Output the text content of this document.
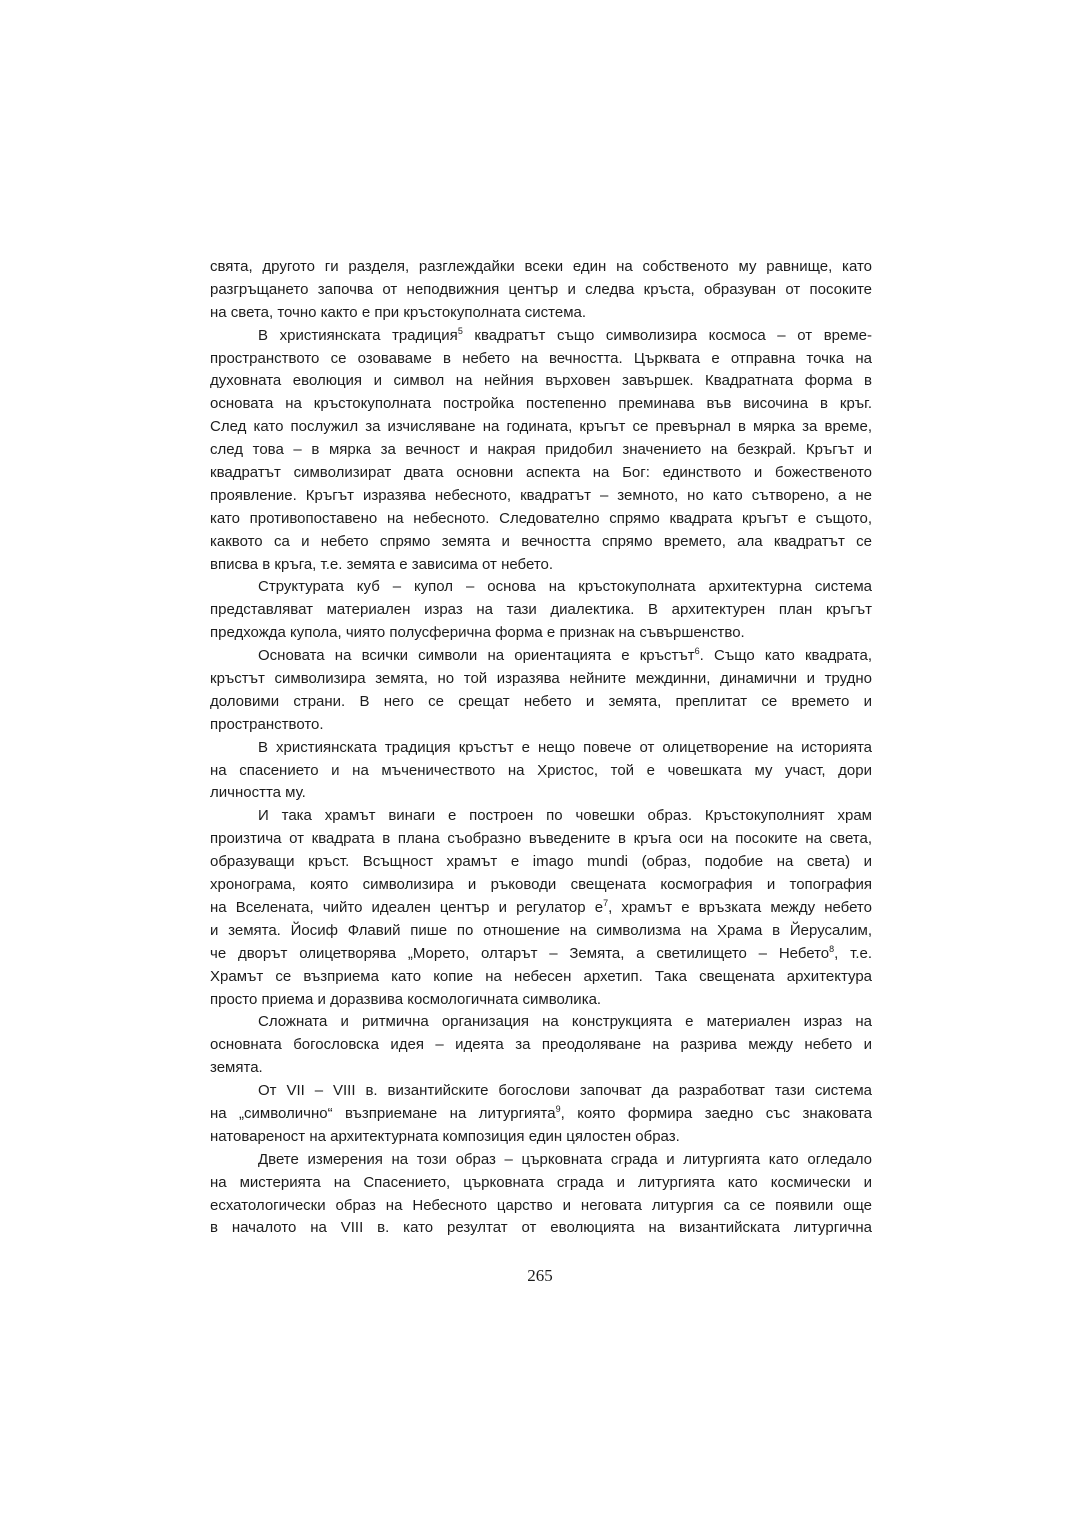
свята, другото ги разделя, разглеждайки всеки един на собственото му равнище, като
разгръщането започва от неподвижния център и следва кръста, образуван от посоките
на света, точно както е при кръстокуполната система.
В християнската традиция$^5$ квадратът също символизира космоса – от време-
пространството се озоваваме в небето на вечността. Църквата е отправна точка на
духовната еволюция и символ на нейния върховен завършек. Квадратната форма в
основата на кръстокуполната постройка постепенно преминава във височина в кръг.
След като послужил за изчисляване на годината, кръгът се превърнал в мярка за време,
след това – в мярка за вечност и накрая придобил значението на безкрай. Кръгът и
квадратът символизират двата основни аспекта на Бог: единството и божественото
проявление. Кръгът изразява небесното, квадратът – земното, но като сътворено, а не
като противопоставено на небесното. Следователно спрямо квадрата кръгът е същото,
каквото са и небето спрямо земята и вечността спрямо времето, ала квадратът се
вписва в кръга, т.е. земята е зависима от небето.
Структурата куб – купол – основа на кръстокуполната архитектурна система
представляват материален израз на тази диалектика. В архитектурен план кръгът
предхожда купола, чиято полусферична форма е признак на съвършенство.
Основата на всички символи на ориентацията е кръстът$^6$. Също като квадрата,
кръстът символизира земята, но той изразява нейните междинни, динамични и трудно
доловими страни. В него се срещат небето и земята, преплитат се времето и
пространството.
В християнската традиция кръстът е нещо повече от олицетворение на историята
на спасението и на мъченичеството на Христос, той е човешката му участ, дори
личността му.
И така храмът винаги е построен по човешки образ. Кръстокуполният храм
произтича от квадрата в плана съобразно въведените в кръга оси на посоките на света,
образуващи кръст. Всъщност храмът е imago mundi (образ, подобие на света) и
хронограма, която символизира и ръководи свещената космография и топография
на Вселената, чийто идеален център и регулатор $е^7$, храмът е връзката между небето
и земята. Йосиф Флавий пише по отношение на символизма на Храма в Йерусалим,
че дворът олицетворява „Морето, олтарът – Земята, а светилището – Небето$^8$, т.е.
Храмът се възприема като копие на небесен архетип. Така свещената архитектура
просто приема и доразвива космологичната символика.
Сложната и ритмична организация на конструкцията е материален израз на
основната богословска идея – идеята за преодоляване на разрива между небето и
земята.
От VII – VIII в. византийските богослови започват да разработват тази система
на „символично“ възприемане на литургията$^9$, която формира заедно със знаковата
натовареност на архитектурната композиция един цялостен образ.
Двете измерения на този образ – църковната сграда и литургията като огледало
на мистерията на Спасението, църковната сграда и литургията като космически и
есхатологически образ на Небесното царство и неговата литургия са се появили още
в началото на VIII в. като резултат от еволюцията на византийската литургична
265
